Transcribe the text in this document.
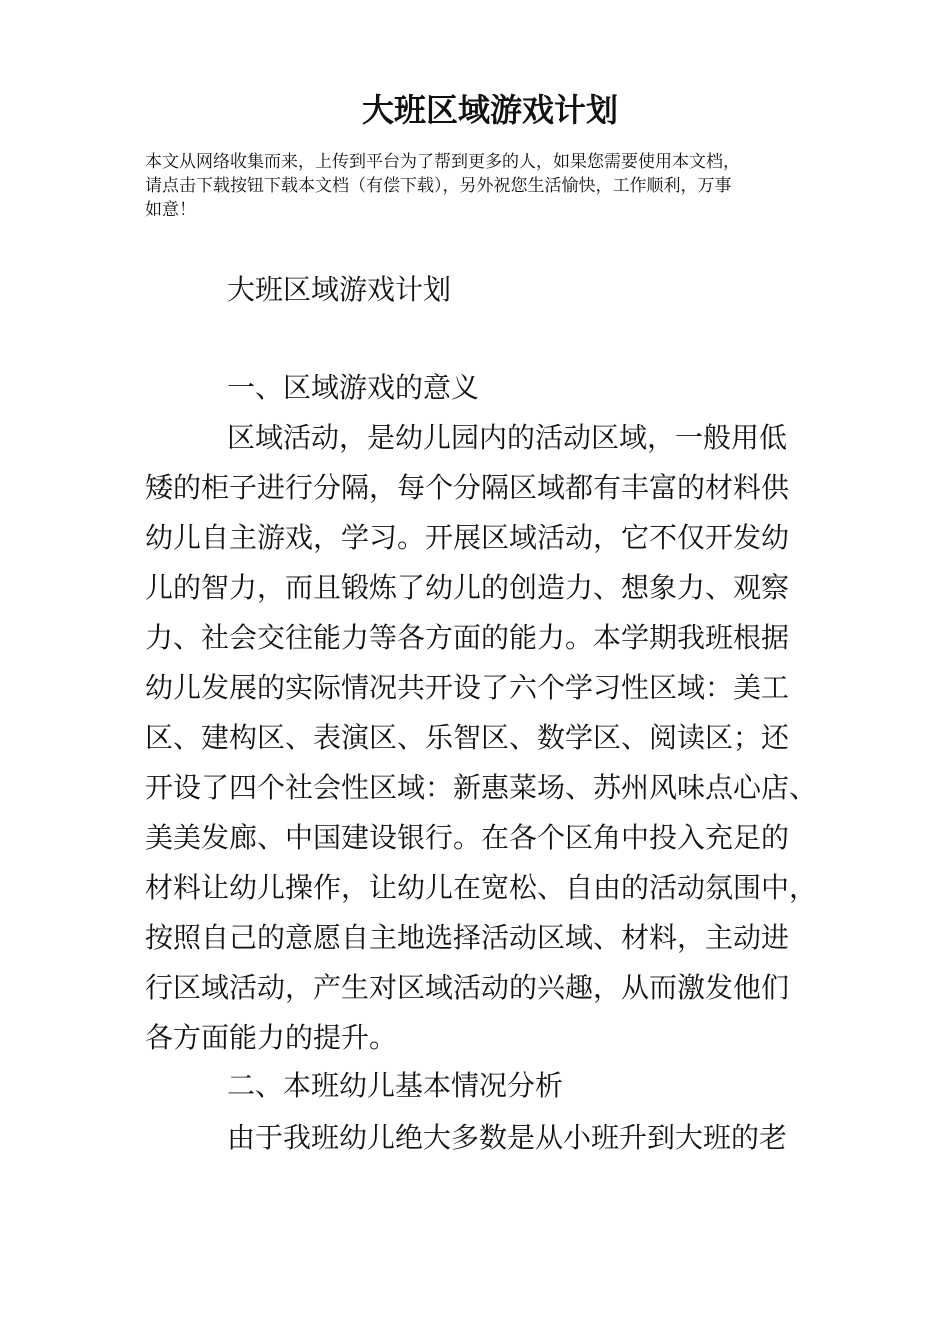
大班区域游戏计划
本文从网络收集而来，上传到平台为了帮到更多的人，如果您需要使用本文档，
请点击下载按钮下载本文档（有偿下载），另外祝您生活愉快，工作顺利，万事
如意！
大班区域游戏计划
一、区域游戏的意义
区域活动，是幼儿园内的活动区域，一般用低
矮的柜子进行分隔，每个分隔区域都有丰富的材料供
幼儿自主游戏，学习。开展区域活动，它不仅开发幼
儿的智力，而且锻炼了幼儿的创造力、想象力、观察
力、社会交往能力等各方面的能力。本学期我班根据
幼儿发展的实际情况共开设了六个学习性区域：美工
区、建构区、表演区、乐智区、数学区、阅读区；还
开设了四个社会性区域：新惠菜场、苏州风味点心店、
美美发廊、中国建设银行。在各个区角中投入充足的
材料让幼儿操作，让幼儿在宽松、自由的活动氛围中，
按照自己的意愿自主地选择活动区域、材料，主动进
行区域活动，产生对区域活动的兴趣，从而激发他们
各方面能力的提升。
二、本班幼儿基本情况分析
由于我班幼儿绝大多数是从小班升到大班的老
